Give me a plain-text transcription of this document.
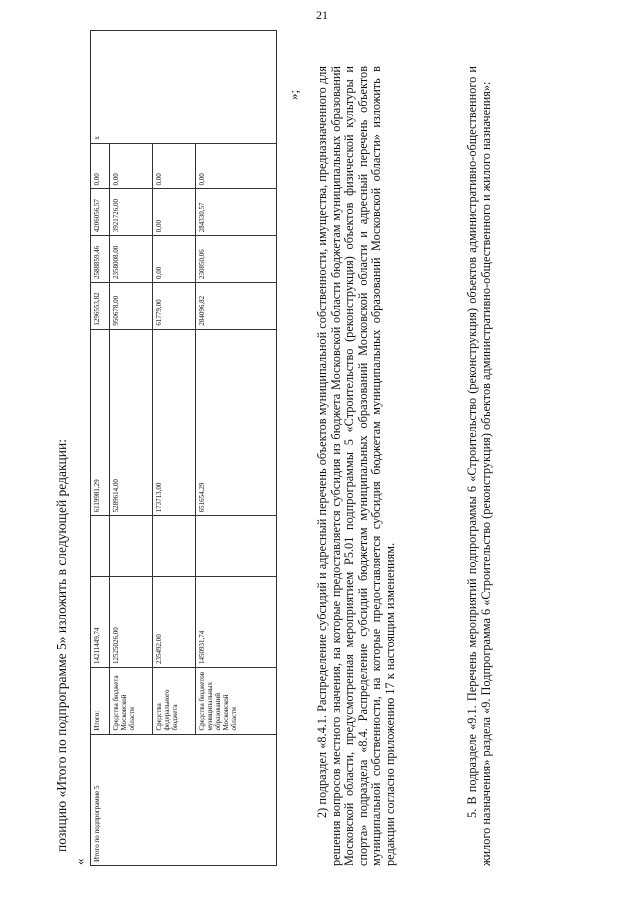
21
позицию «Итого по подпрограмме 5» изложить в следующей редакции:
« Итого по подпрограмме 5	Итого:	14211449,74		6119981,29	1296553,82	2588859,46	4206056,57	0,00	х
	Средства бюджета Московской области	12525026,00		5289614,00	950678,00	2358008,00	3921726,00	0,00	
	Средства федерального бюджета	235492,00		173713,00	61779,00	0,00	0,00	0,00	
	Средства бюджетов муниципальных образований Московской области	1450931,74		651654,29	284096,82	230850,06	284330,57	0,00	
»; 2) подраздел «8.4.1. Распределение субсидий и адресный перечень объектов муниципальной собственности, имущества, предназначенного для решения вопросов местного значения, на которые предоставляется субсидия из бюджета Московской области бюджетам муниципальных образований Московской области, предусмотренная мероприятием Р5.01 подпрограммы 5 «Строительство (реконструкция) объектов физической культуры и спорта» подраздела «8.4. Распределение субсидий бюджетам муниципальных образований Московской области и адресный перечень объектов муниципальной собственности, на которые предоставляется субсидия бюджетам муниципальных образований Московской области» изложить в редакции согласно приложению 17 к настоящим изменениям.	5. В подразделе «9.1. Перечень мероприятий подпрограммы 6 «Строительство (реконструкция) объектов административно-общественного и жилого назначения» раздела «9. Подпрограмма 6 «Строительство (реконструкция) объектов административно-общественного и жилого назначения»:
